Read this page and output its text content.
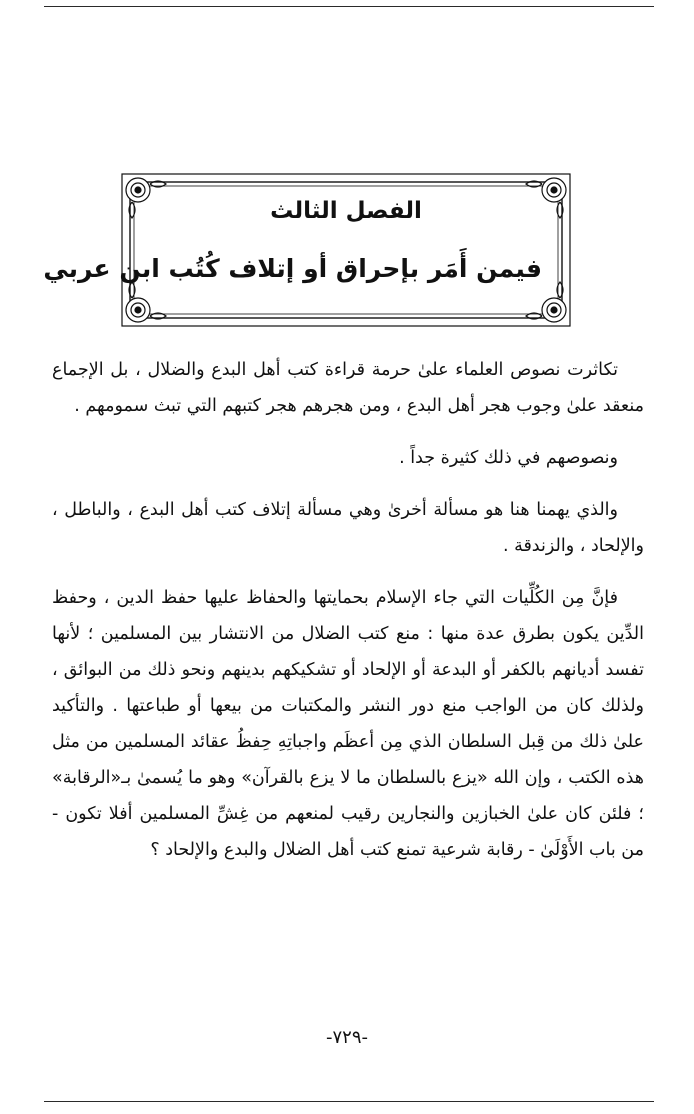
الفصل الثالث
فيمن أَمَر بإحراق أو إتلاف كُتُب ابن عربي

تكاثرت نصوص العلماء علىٰ حرمة قراءة كتب أهل البدع والضلال ، بل الإجماع منعقد علىٰ وجوب هجر أهل البدع ، ومن هجرهم هجر كتبهم التي تبث سمومهم .

ونصوصهم في ذلك كثيرة جداً .

والذي يهمنا هنا هو مسألة أخرىٰ وهي مسألة إتلاف كتب أهل البدع ، والباطل ، والإلحاد ، والزندقة .

فإنَّ مِن الكُلِّيات التي جاء الإسلام بحمايتها والحفاظ عليها حفظ الدين ، وحفظ الدِّين يكون بطرق عدة منها : منع كتب الضلال من الانتشار بين المسلمين ؛ لأنها تفسد أديانهم بالكفر أو البدعة أو الإلحاد أو تشكيكهم بدينهم ونحو ذلك من البوائق ، ولذلك كان من الواجب منع دور النشر والمكتبات من بيعها أو طباعتها . والتأكيد علىٰ ذلك من قِبل السلطان الذي مِن أعظَم واجباتِهِ حِفظُ عقائد المسلمين من مثل هذه الكتب ، وإن الله «يزع بالسلطان ما لا يزع بالقرآن» وهو ما يُسمىٰ بـ«الرقابة» ؛ فلئن كان علىٰ الخبازين والنجارين رقيب لمنعهم من غِشِّ المسلمين أفلا تكون - من باب الأَوْلَىٰ - رقابة شرعية تمنع كتب أهل الضلال والبدع والإلحاد ؟

-٧٢٩-
